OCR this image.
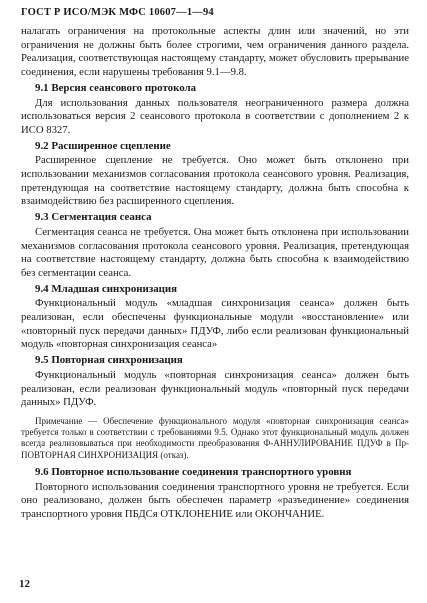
ГОСТ Р ИСО/МЭК МФС 10607—1—94

налагать ограничения на протокольные аспекты длин или значений, но эти ограничения не должны быть более строгими, чем ограничения данного раздела. Реализация, соответствующая настоящему стандарту, может обусловить прерывание соединения, если нарушены требования 9.1—9.8.

9.1 Версия сеансового протокола

Для использования данных пользователя неограниченного размера должна использоваться версия 2 сеансового протокола в соответствии с дополнением 2 к ИСО 8327.

9.2 Расширенное сцепление

Расширенное сцепление не требуется. Оно может быть отклонено при использовании механизмов согласования протокола сеансового уровня. Реализация, претендующая на соответствие настоящему стандарту, должна быть способна к взаимодействию без расширенного сцепления.

9.3 Сегментация сеанса

Сегментация сеанса не требуется. Она может быть отклонена при использовании механизмов согласования протокола сеансового уровня. Реализация, претендующая на соответствие настоящему стандарту, должна быть способна к взаимодействию без сегментации сеанса.

9.4 Младшая синхронизация

Функциональный модуль «младшая синхронизация сеанса» должен быть реализован, если обеспечены функциональные модули «восстановление» или «повторный пуск передачи данных» ПДУФ, либо если реализован функциональный модуль «повторная синхронизация сеанса»

9.5 Повторная синхронизация

Функциональный модуль «повторная синхронизация сеанса» должен быть реализован, если реализован функциональный модуль «повторный пуск передачи данных» ПДУФ.

Примечание — Обеспечение функционального модуля «повторная синхронизация сеанса» требуется только в соответствии с требованиями 9.5. Однако этот функциональный модуль должен всегда реализовываться при необходимости преобразования Ф-АННУЛИРОВАНИЕ ПДУФ в Пр-ПОВТОРНАЯ СИНХРОНИЗАЦИЯ (отказ).

9.6 Повторное использование соединения транспортного уровня

Повторного использования соединения транспортного уровня не требуется. Если оно реализовано, должен быть обеспечен параметр «разъединение» соединения транспортного уровня ПБДСя ОТКЛОНЕНИЕ или ОКОНЧАНИЕ.

12
